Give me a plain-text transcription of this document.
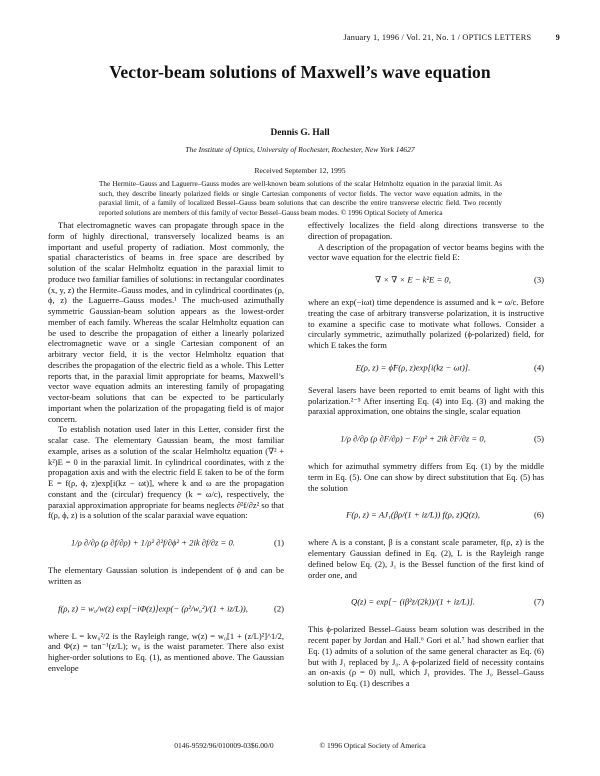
January 1, 1996 / Vol. 21, No. 1 / OPTICS LETTERS	9
Vector-beam solutions of Maxwell’s wave equation
Dennis G. Hall
The Institute of Optics, University of Rochester, Rochester, New York 14627
Received September 12, 1995
The Hermite–Gauss and Laguerre–Gauss modes are well-known beam solutions of the scalar Helmholtz equation in the paraxial limit. As such, they describe linearly polarized fields or single Cartesian components of vector fields. The vector wave equation admits, in the paraxial limit, of a family of localized Bessel–Gauss beam solutions that can describe the entire transverse electric field. Two recently reported solutions are members of this family of vector Bessel–Gauss beam modes. © 1996 Optical Society of America

That electromagnetic waves can propagate through space in the form of highly directional, transversely localized beams is an important and useful property of radiation. Most commonly, the spatial characteristics of beams in free space are described by solution of the scalar Helmholtz equation in the paraxial limit to produce two familiar families of solutions: in rectangular coordinates (x, y, z) the Hermite–Gauss modes, and in cylindrical coordinates (ρ, ϕ, z) the Laguerre–Gauss modes.¹ The much-used azimuthally symmetric Gaussian-beam solution appears as the lowest-order member of each family. Whereas the scalar Helmholtz equation can be used to describe the propagation of either a linearly polarized electromagnetic wave or a single Cartesian component of an arbitrary vector field, it is the vector Helmholtz equation that describes the propagation of the electric field as a whole. This Letter reports that, in the paraxial limit appropriate for beams, Maxwell’s vector wave equation admits an interesting family of propagating vector-beam solutions that can be expected to be particularly important when the polarization of the propagating field is of major concern.

To establish notation used later in this Letter, consider first the scalar case. The elementary Gaussian beam, the most familiar example, arises as a solution of the scalar Helmholtz equation (∇² + k²)E = 0 in the paraxial limit. In cylindrical coordinates, with z the propagation axis and with the electric field E taken to be of the form E = f(ρ, ϕ, z)exp[i(kz − ωt)], where k and ω are the propagation constant and the (circular) frequency (k = ω/c), respectively, the paraxial approximation appropriate for beams neglects ∂²f/∂z² so that f(ρ, ϕ, z) is a solution of the scalar paraxial wave equation:

1/ρ ∂/∂ρ (ρ ∂f/∂ρ) + 1/ρ² ∂²f/∂ϕ² + 2ik ∂f/∂z = 0.	(1)

The elementary Gaussian solution is independent of ϕ and can be written as

f(ρ, z) = w₀/w(z) exp[−iΦ(z)]exp(− (ρ²/w₀²)/(1 + iz/L)),	(2)

where L = kw₀²/2 is the Rayleigh range, w(z) = w₀[1 + (z/L)²]^1/2, and Φ(z) = tan⁻¹(z/L); w₀ is the waist parameter. There also exist higher-order solutions to Eq. (1), as mentioned above. The Gaussian envelope

effectively localizes the field along directions transverse to the direction of propagation.

A description of the propagation of vector beams begins with the vector wave equation for the electric field E:

∇ × ∇ × E − k²E = 0,	(3)

where an exp(−iωt) time dependence is assumed and k = ω/c. Before treating the case of arbitrary transverse polarization, it is instructive to examine a specific case to motivate what follows. Consider a circularly symmetric, azimuthally polarized (ϕ-polarized) field, for which E takes the form

E(ρ, z) = ϕ̂F(ρ, z)exp[i(kz − ωt)].	(4)

Several lasers have been reported to emit beams of light with this polarization.²⁻⁵ After inserting Eq. (4) into Eq. (3) and making the paraxial approximation, one obtains the single, scalar equation

1/ρ ∂/∂ρ (ρ ∂F/∂ρ) − F/ρ² + 2ik ∂F/∂z = 0,	(5)

which for azimuthal symmetry differs from Eq. (1) by the middle term in Eq. (5). One can show by direct substitution that Eq. (5) has the solution

F(ρ, z) = AJ₁(βρ/(1 + iz/L)) f(ρ, z)Q(z),	(6)

where A is a constant, β is a constant scale parameter, f(ρ, z) is the elementary Gaussian defined in Eq. (2), L is the Rayleigh range defined below Eq. (2), J₁ is the Bessel function of the first kind of order one, and

Q(z) = exp[− (iβ²z/(2k))/(1 + iz/L)].	(7)

This ϕ-polarized Bessel–Gauss beam solution was described in the recent paper by Jordan and Hall.⁶ Gori et al.⁷ had shown earlier that Eq. (1) admits of a solution of the same general character as Eq. (6) but with J₁ replaced by J₀. A ϕ-polarized field of necessity contains an on-axis (ρ = 0) null, which J₁ provides. The J₀ Bessel–Gauss solution to Eq. (1) describes a

0146-9592/96/010009-03$6.00/0	© 1996 Optical Society of America
